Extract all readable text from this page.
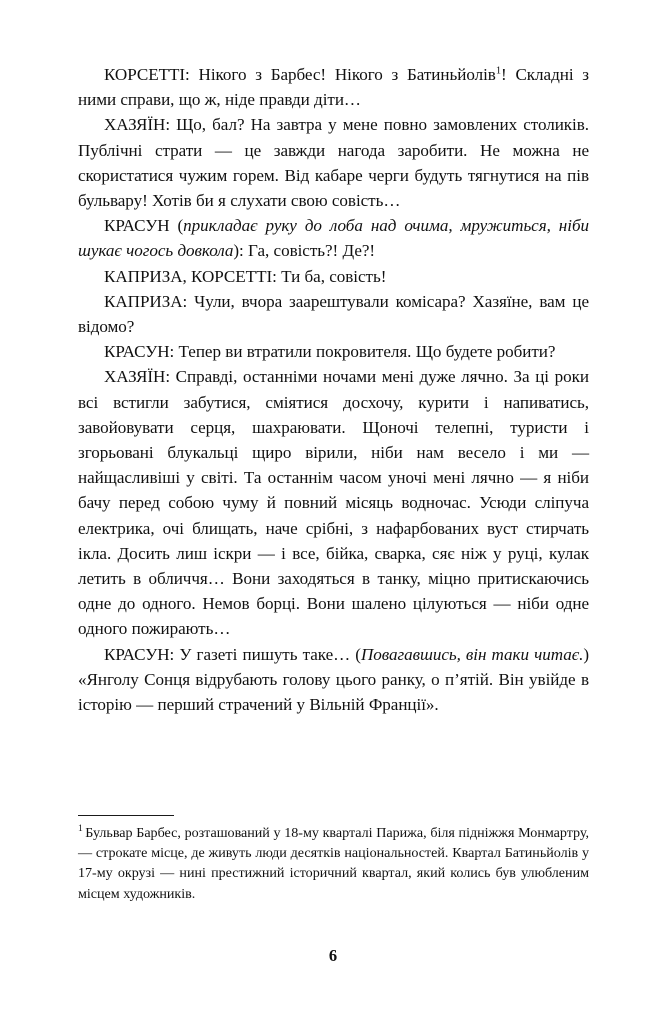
КОРСЕТТІ: Нікого з Барбес! Нікого з Батиньйолів$^1$! Складні з ними справи, що ж, ніде правди діти…

ХАЗЯЇН: Що, бал? На завтра у мене повно замовлених столиків. Публічні страти — це завжди нагода заробити. Не можна не скористатися чужим горем. Від кабаре черги будуть тягнутися на пів бульвару! Хотів би я слухати свою совість…

КРАСУН (прикладає руку до лоба над очима, мружиться, ніби шукає чогось довкола): Га, совість?! Де?!

КАПРИЗА, КОРСЕТТІ: Ти ба, совість!

КАПРИЗА: Чули, вчора заарештували комісара? Хазяїне, вам це відомо?

КРАСУН: Тепер ви втратили покровителя. Що будете робити?

ХАЗЯЇН: Справді, останніми ночами мені дуже лячно. За ці роки всі встигли забутися, сміятися досхочу, курити і напиватись, завойовувати серця, шахраювати. Щоночі телепні, туристи і згорьовані блукальці щиро вірили, ніби нам весело і ми — найщасливіші у світі. Та останнім часом уночі мені лячно — я ніби бачу перед собою чуму й повний місяць водночас. Усюди сліпуча електрика, очі блищать, наче срібні, з нафарбованих вуст стирчать ікла. Досить лиш іскри — і все, бійка, сварка, сяє ніж у руці, кулак летить в обличчя… Вони заходяться в танку, міцно притискаючись одне до одного. Немов борці. Вони шалено цілуються — ніби одне одного пожирають…

КРАСУН: У газеті пишуть таке… (Повагавшись, він таки читає.) «Янголу Сонця відрубають голову цього ранку, о п’ятій. Він увійде в історію — перший страчений у Вільній Франції».

$^1$ Бульвар Барбес, розташований у 18-му кварталі Парижа, біля підніжжя Монмартру, — строкате місце, де живуть люди десятків національностей. Квартал Батиньйолів у 17-му окрузі — нині престижний історичний квартал, який колись був улюбленим місцем художників.

6
